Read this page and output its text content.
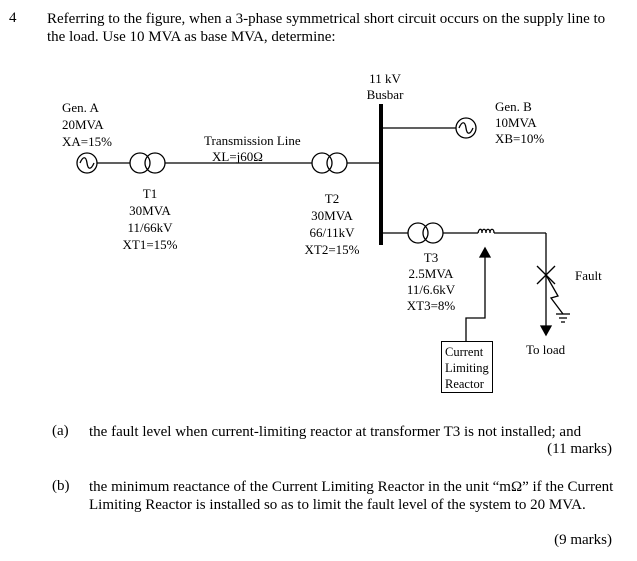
4 Referring to the figure, when a 3-phase symmetrical short circuit occurs on the supply line to the load. Use 10 MVA as base MVA, determine:
11 kV
Busbar
Gen. A
20MVA
XA=15%	Transmission Line
XL=j60Ω
Gen. B
10MVA
XB=10%
T1
30MVA
11/66kV
XT1=15%
T2
30MVA
66/11kV
XT2=15%
T3
2.5MVA
11/6.6kV
XT3=8%
Fault
To load
Current
Limiting
Reactor
(a) the fault level when current-limiting reactor at transformer T3 is not installed; and
(11 marks)
(b) the minimum reactance of the Current Limiting Reactor in the unit “mΩ” if the Current Limiting Reactor is installed so as to limit the fault level of the system to 20 MVA.
(9 marks)
